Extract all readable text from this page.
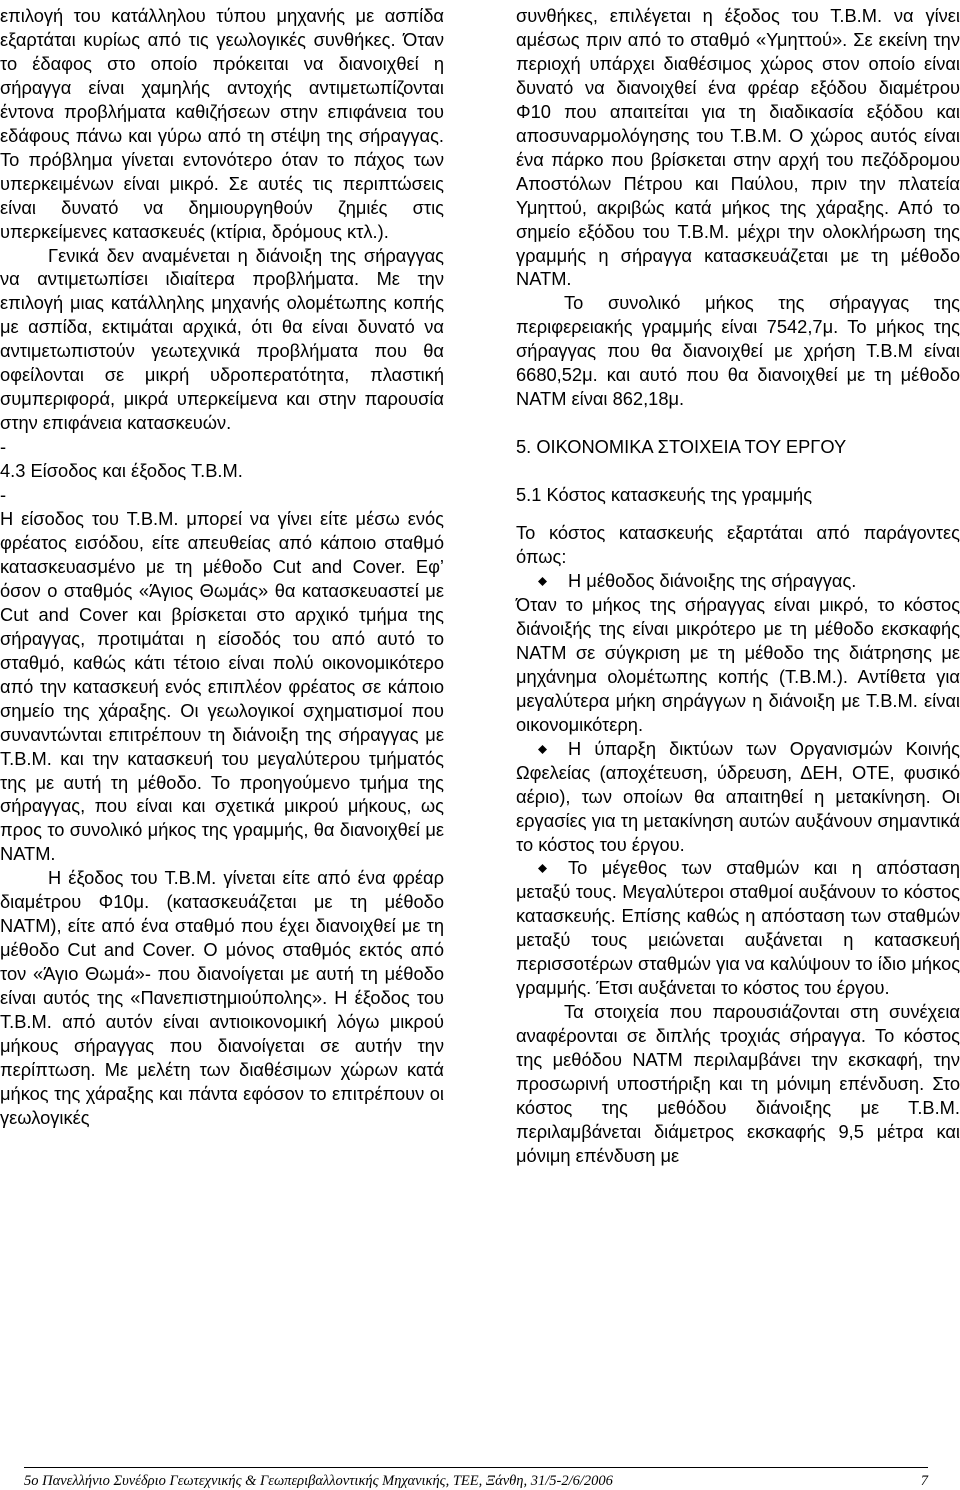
επιλογή του κατάλληλου τύπου μηχανής με ασπίδα εξαρτάται κυρίως από τις γεωλογικές συνθήκες. Όταν το έδαφος στο οποίο πρόκειται να διανοιχθεί η σήραγγα είναι χαμηλής αντοχής αντιμετωπίζονται έντονα προβλήματα καθιζήσεων στην επιφάνεια του εδάφους πάνω και γύρω από τη στέψη της σήραγγας. Το πρόβλημα γίνεται εντονότερο όταν το πάχος των υπερκειμένων είναι μικρό. Σε αυτές τις περιπτώσεις είναι δυνατό να δημιουργηθούν ζημιές στις υπερκείμενες κατασκευές (κτίρια, δρόμους κτλ.).

Γενικά δεν αναμένεται η διάνοιξη της σήραγγας να αντιμετωπίσει ιδιαίτερα προβλήματα. Με την επιλογή μιας κατάλληλης μηχανής ολομέτωπης κοπής με ασπίδα, εκτιμάται αρχικά, ότι θα είναι δυνατό να αντιμετωπιστούν γεωτεχνικά προβλήματα που θα οφείλονται σε μικρή υδροπερατότητα, πλαστική συμπεριφορά, μικρά υπερκείμενα και στην παρουσία στην επιφάνεια κατασκευών.

-

4.3 Είσοδος και έξοδος Τ.Β.Μ.

-

Η είσοδος του Τ.Β.Μ. μπορεί να γίνει είτε μέσω ενός φρέατος εισόδου, είτε απευθείας από κάποιο σταθμό κατασκευασμένο με τη μέθοδο Cut and Cover. Εφ’ όσον ο σταθμός «Άγιος Θωμάς» θα κατασκευαστεί με Cut and Cover και βρίσκεται στο αρχικό τμήμα της σήραγγας, προτιμάται η είσοδός του από αυτό το σταθμό, καθώς κάτι τέτοιο είναι πολύ οικονομικότερο από την κατασκευή ενός επιπλέον φρέατος σε κάποιο σημείο της χάραξης. Οι γεωλογικοί σχηματισμοί που συναντώνται επιτρέπουν τη διάνοιξη της σήραγγας με Τ.Β.Μ. και την κατασκευή του μεγαλύτερου τμήματός της με αυτή τη μέθοδο. Το προηγούμενο τμήμα της σήραγγας, που είναι και σχετικά μικρού μήκους, ως προς το συνολικό μήκος της γραμμής, θα διανοιχθεί με ΝΑΤΜ.

Η έξοδος του Τ.Β.Μ. γίνεται είτε από ένα φρέαρ διαμέτρου Φ10μ. (κατασκευάζεται με τη μέθοδο ΝΑΤΜ), είτε από ένα σταθμό που έχει διανοιχθεί με τη μέθοδο Cut and Cover. Ο μόνος σταθμός εκτός από τον «Άγιο Θωμά»- που διανοίγεται με αυτή τη μέθοδο είναι αυτός της «Πανεπιστημιούπολης». Η έξοδος του Τ.Β.Μ. από αυτόν είναι αντιοικονομική λόγω μικρού μήκους σήραγγας που διανοίγεται σε αυτήν την περίπτωση. Με μελέτη των διαθέσιμων χώρων κατά μήκος της χάραξης και πάντα εφόσον το επιτρέπουν οι γεωλογικές

συνθήκες, επιλέγεται η έξοδος του Τ.Β.Μ. να γίνει αμέσως πριν από το σταθμό «Υμηττού». Σε εκείνη την περιοχή υπάρχει διαθέσιμος χώρος στον οποίο είναι δυνατό να διανοιχθεί ένα φρέαρ εξόδου διαμέτρου Φ10 που απαιτείται για τη διαδικασία εξόδου και αποσυναρμολόγησης του Τ.Β.Μ. Ο χώρος αυτός είναι ένα πάρκο που βρίσκεται στην αρχή του πεζόδρομου Αποστόλων Πέτρου και Παύλου, πριν την πλατεία Υμηττού, ακριβώς κατά μήκος της χάραξης. Από το σημείο εξόδου του Τ.Β.Μ. μέχρι την ολοκλήρωση της γραμμής η σήραγγα κατασκευάζεται με τη μέθοδο ΝΑΤΜ.

Το συνολικό μήκος της σήραγγας της περιφερειακής γραμμής είναι 7542,7μ. Το μήκος της σήραγγας που θα διανοιχθεί με χρήση Τ.Β.Μ είναι 6680,52μ. και αυτό που θα διανοιχθεί με τη μέθοδο ΝΑΤΜ είναι 862,18μ.

5. ΟΙΚΟΝΟΜΙΚΑ ΣΤΟΙΧΕΙΑ ΤΟΥ ΕΡΓΟΥ
5.1 Κόστος κατασκευής της γραμμής

Το κόστος κατασκευής εξαρτάται από παράγοντες όπως:

Η μέθοδος διάνοιξης της σήραγγας.

Όταν το μήκος της σήραγγας είναι μικρό, το κόστος διάνοιξής της είναι μικρότερο με τη μέθοδο εκσκαφής ΝΑΤΜ σε σύγκριση με τη μέθοδο της διάτρησης με μηχάνημα ολομέτωπης κοπής (Τ.Β.Μ.). Αντίθετα για μεγαλύτερα μήκη σηράγγων η διάνοιξη με Τ.Β.Μ. είναι οικονομικότερη.

Η ύπαρξη δικτύων των Οργανισμών Κοινής Ωφελείας (αποχέτευση, ύδρευση, ΔΕΗ, ΟΤΕ, φυσικό αέριο), των οποίων θα απαιτηθεί η μετακίνηση. Οι εργασίες για τη μετακίνηση αυτών αυξάνουν σημαντικά το κόστος του έργου.

Το μέγεθος των σταθμών και η απόσταση μεταξύ τους. Μεγαλύτεροι σταθμοί αυξάνουν το κόστος κατασκευής. Επίσης καθώς η απόσταση των σταθμών μεταξύ τους μειώνεται αυξάνεται η κατασκευή περισσοτέρων σταθμών για να καλύψουν το ίδιο μήκος γραμμής. Έτσι αυξάνεται το κόστος του έργου.

Τα στοιχεία που παρουσιάζονται στη συνέχεια αναφέρονται σε διπλής τροχιάς σήραγγα. Το κόστος της μεθόδου ΝΑΤΜ περιλαμβάνει την εκσκαφή, την προσωρινή υποστήριξη και τη μόνιμη επένδυση. Στο κόστος της μεθόδου διάνοιξης με Τ.Β.Μ. περιλαμβάνεται διάμετρος εκσκαφής 9,5 μέτρα και μόνιμη επένδυση με

5ο Πανελλήνιο Συνέδριο Γεωτεχνικής & Γεωπεριβαλλοντικής Μηχανικής, ΤΕΕ, Ξάνθη, 31/5-2/6/2006	7
